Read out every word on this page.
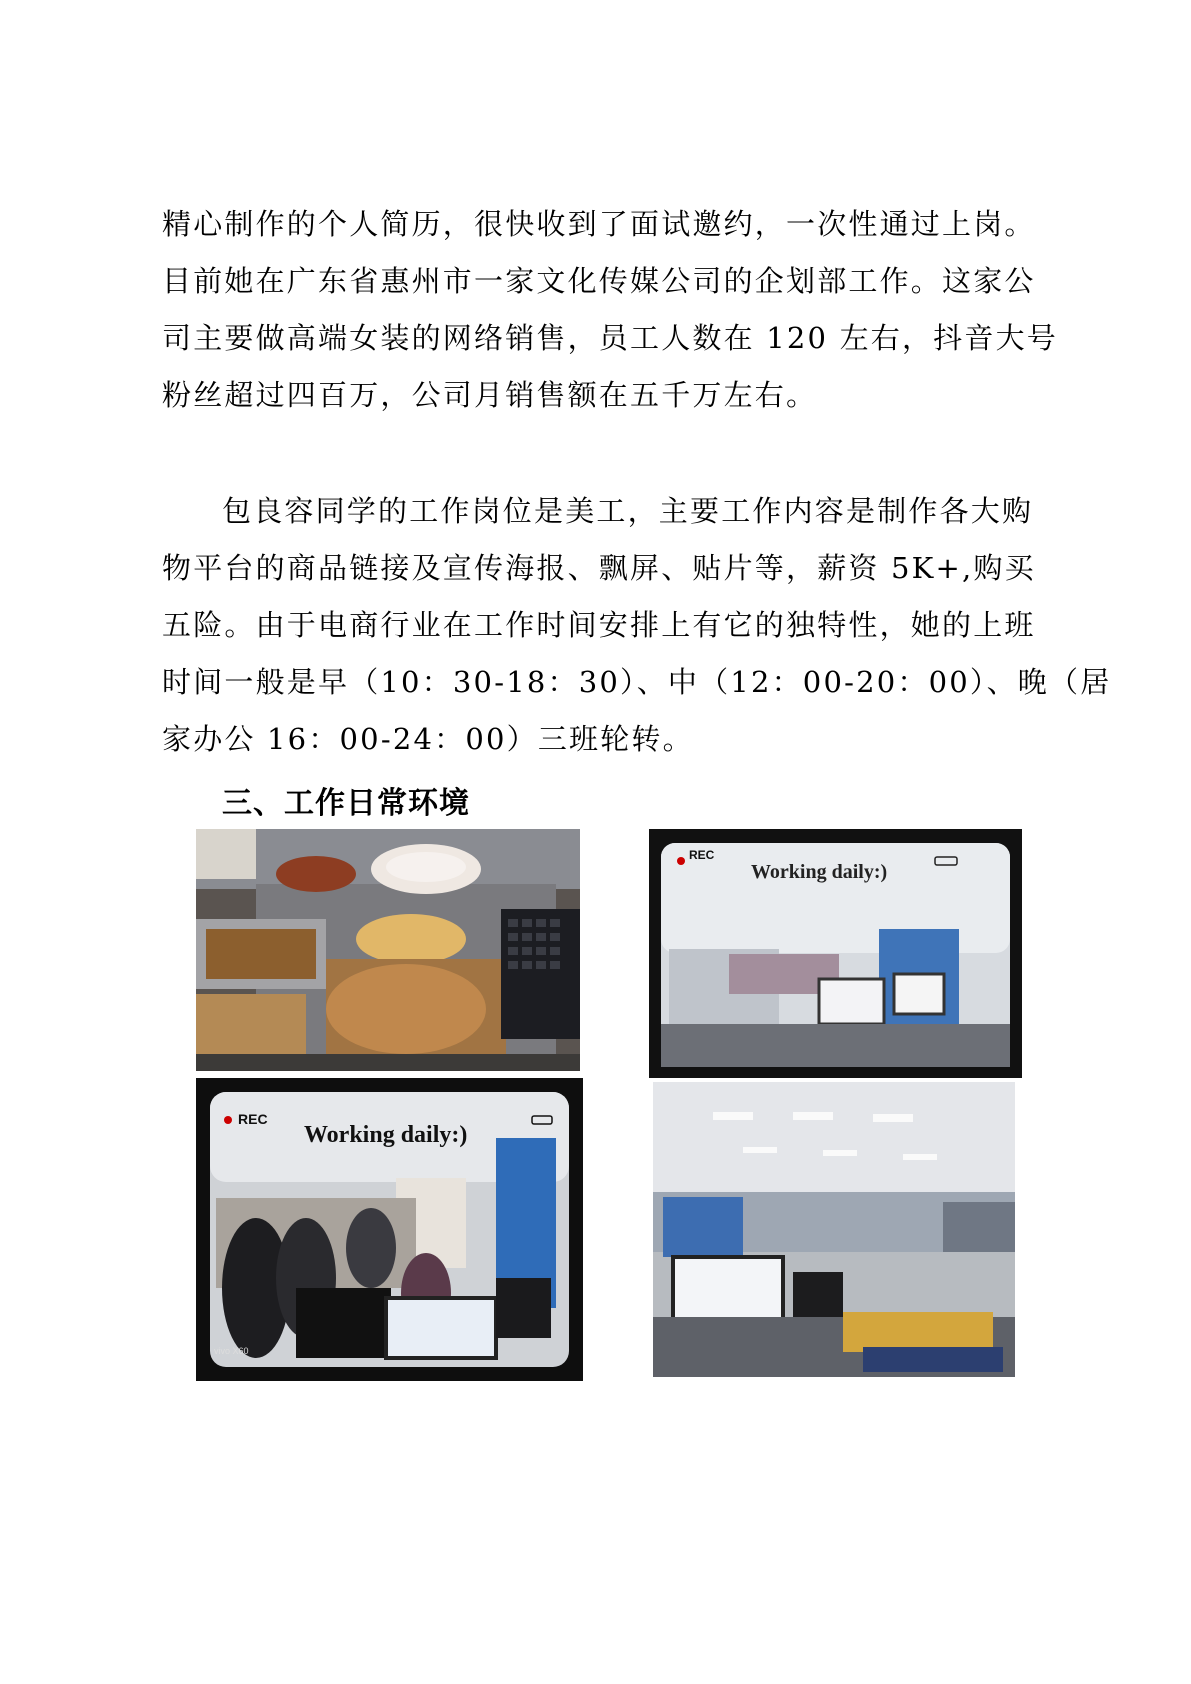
精心制作的个人简历，很快收到了面试邀约，一次性通过上岗。
目前她在广东省惠州市一家文化传媒公司的企划部工作。这家公
司主要做高端女装的网络销售，员工人数在 120 左右，抖音大号
粉丝超过四百万，公司月销售额在五千万左右。
包良容同学的工作岗位是美工，主要工作内容是制作各大购
物平台的商品链接及宣传海报、飘屏、贴片等，薪资 5K+,购买
五险。由于电商行业在工作时间安排上有它的独特性，她的上班
时间一般是早（10：30-18：30）、中（12：00-20：00）、晚（居
家办公 16：00-24：00）三班轮转。
三、工作日常环境
REC
Working daily:)
REC
Working daily:)
vivo X60
